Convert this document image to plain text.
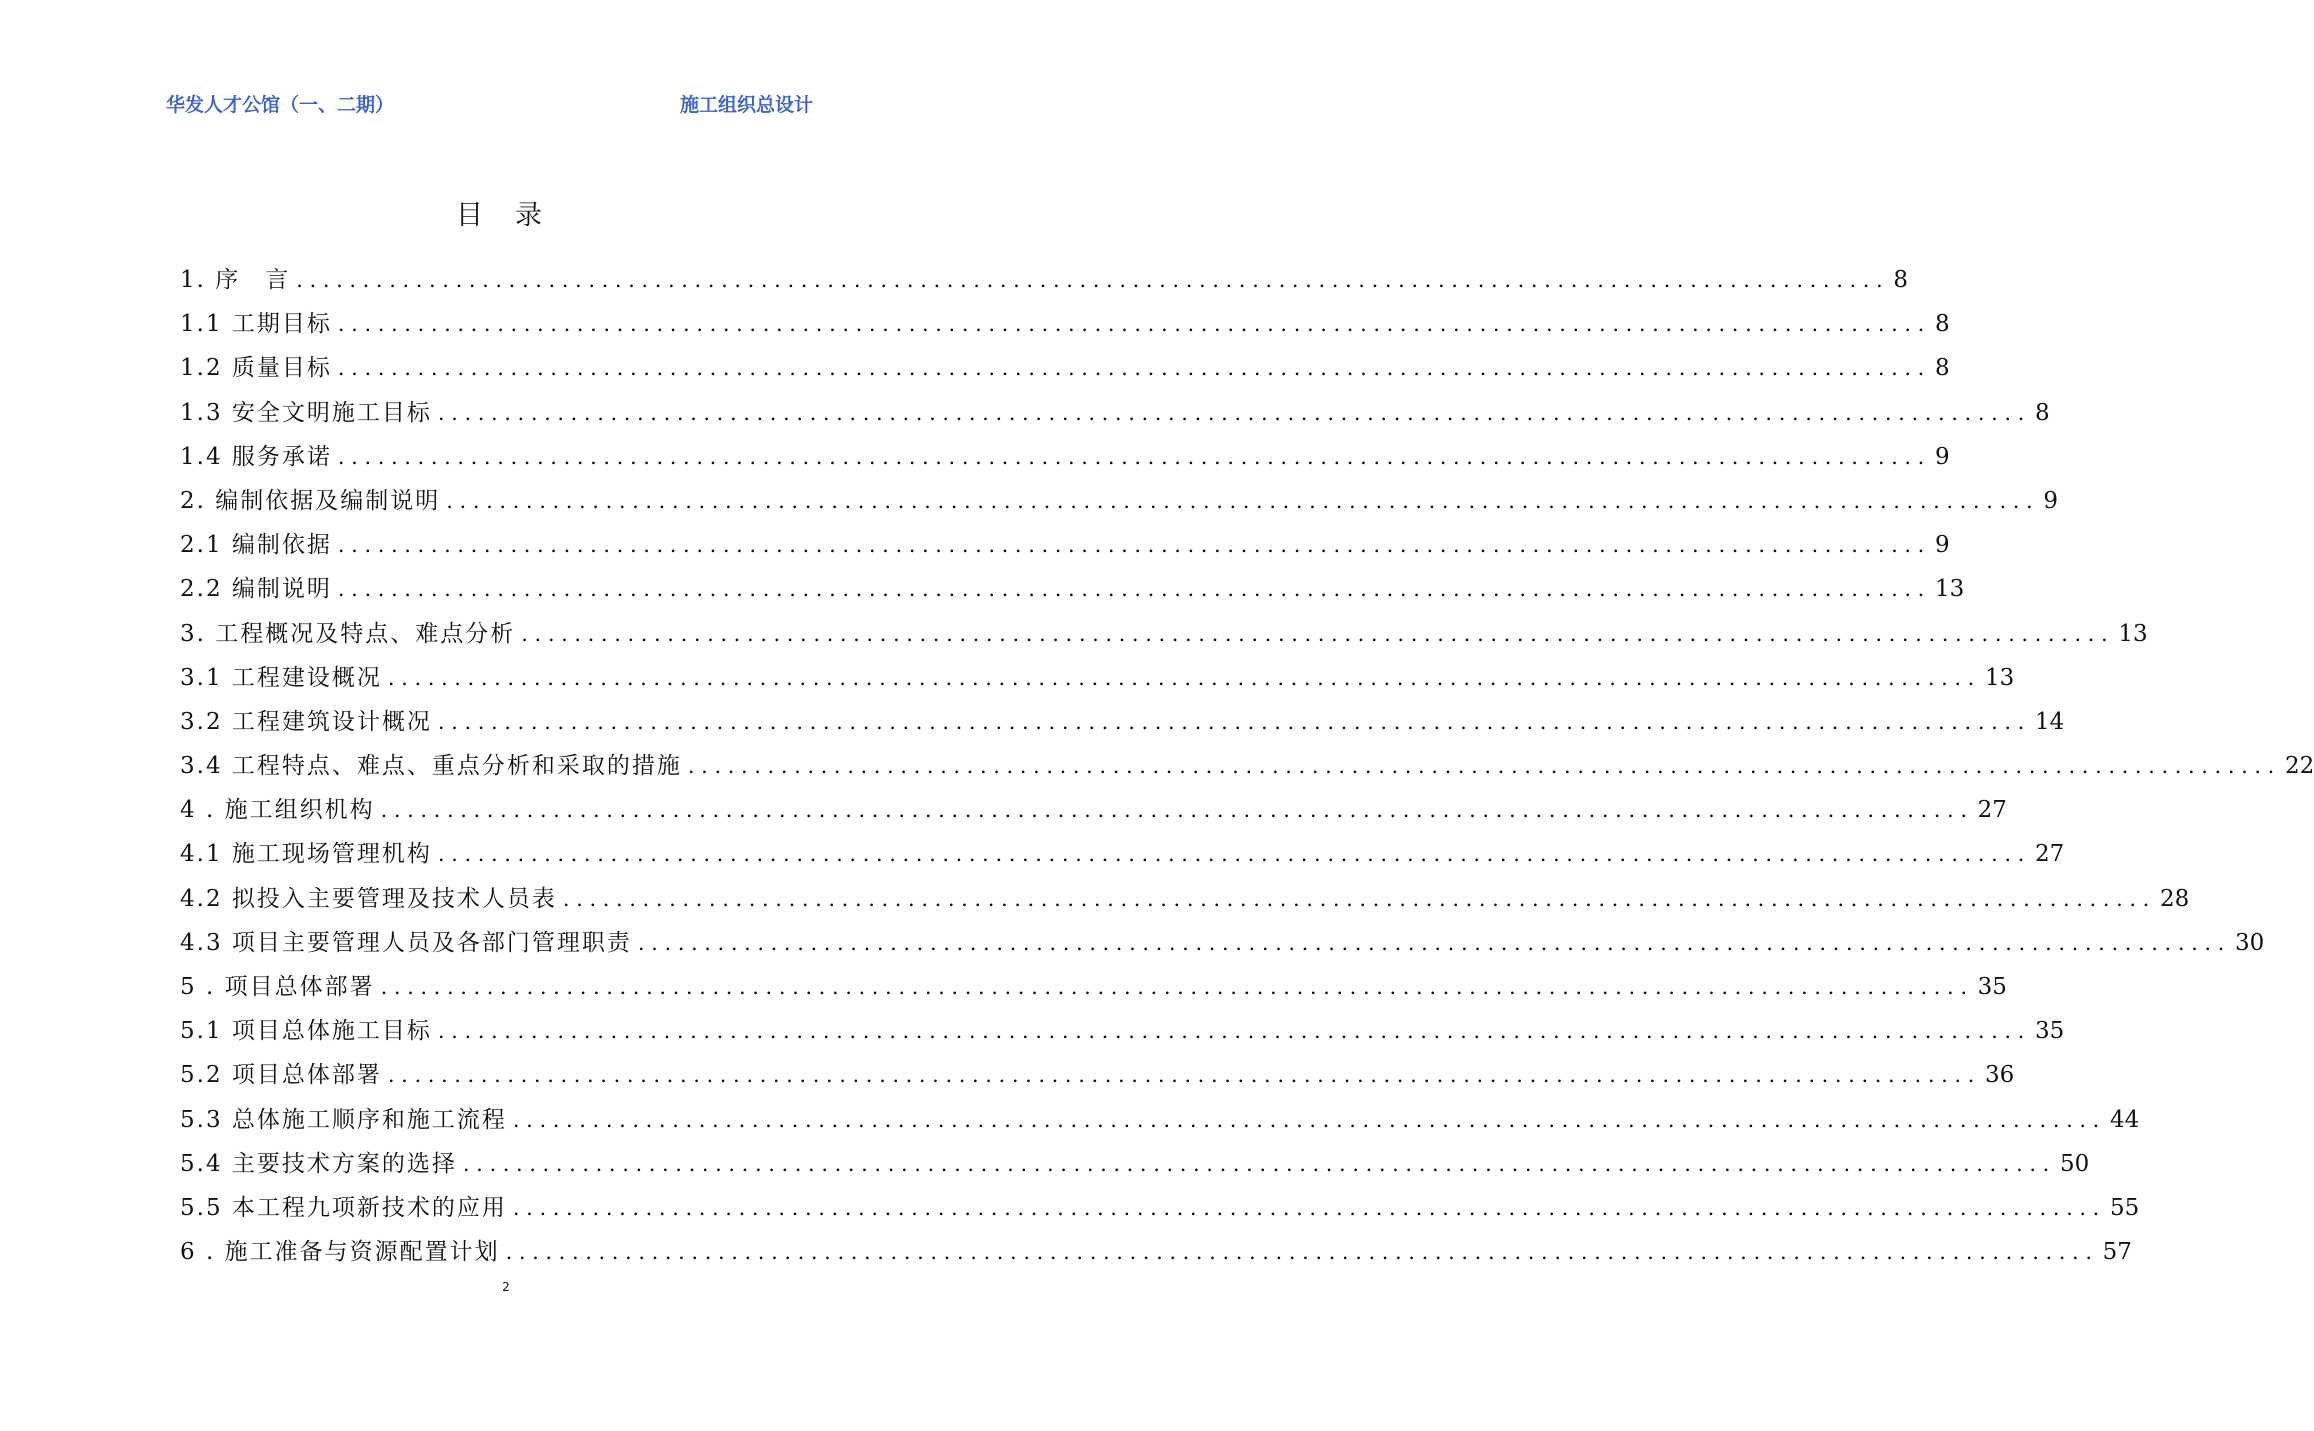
华发人才公馆（一、二期）	施工组织总设计
目录
1. 序　言 ........................................................................................................................ 8
1.1 工期目标 ........................................................................................................................ 8
1.2 质量目标 ........................................................................................................................ 8
1.3 安全文明施工目标 ........................................................................................................................ 8
1.4 服务承诺 ........................................................................................................................ 9
2. 编制依据及编制说明 ........................................................................................................................ 9
2.1 编制依据 ........................................................................................................................ 9
2.2 编制说明 ........................................................................................................................ 13
3. 工程概况及特点、难点分析 ........................................................................................................................ 13
3.1 工程建设概况 ........................................................................................................................ 13
3.2 工程建筑设计概况 ........................................................................................................................ 14
3.4 工程特点、难点、重点分析和采取的措施 ........................................................................................................................ 22
4 . 施工组织机构 ........................................................................................................................ 27
4.1 施工现场管理机构 ........................................................................................................................ 27
4.2 拟投入主要管理及技术人员表 ........................................................................................................................ 28
4.3 项目主要管理人员及各部门管理职责 ........................................................................................................................ 30
5 . 项目总体部署 ........................................................................................................................ 35
5.1 项目总体施工目标 ........................................................................................................................ 35
5.2 项目总体部署 ........................................................................................................................ 36
5.3 总体施工顺序和施工流程 ........................................................................................................................ 44
5.4 主要技术方案的选择 ........................................................................................................................ 50
5.5 本工程九项新技术的应用 ........................................................................................................................ 55
6 . 施工准备与资源配置计划 ........................................................................................................................ 57
2
